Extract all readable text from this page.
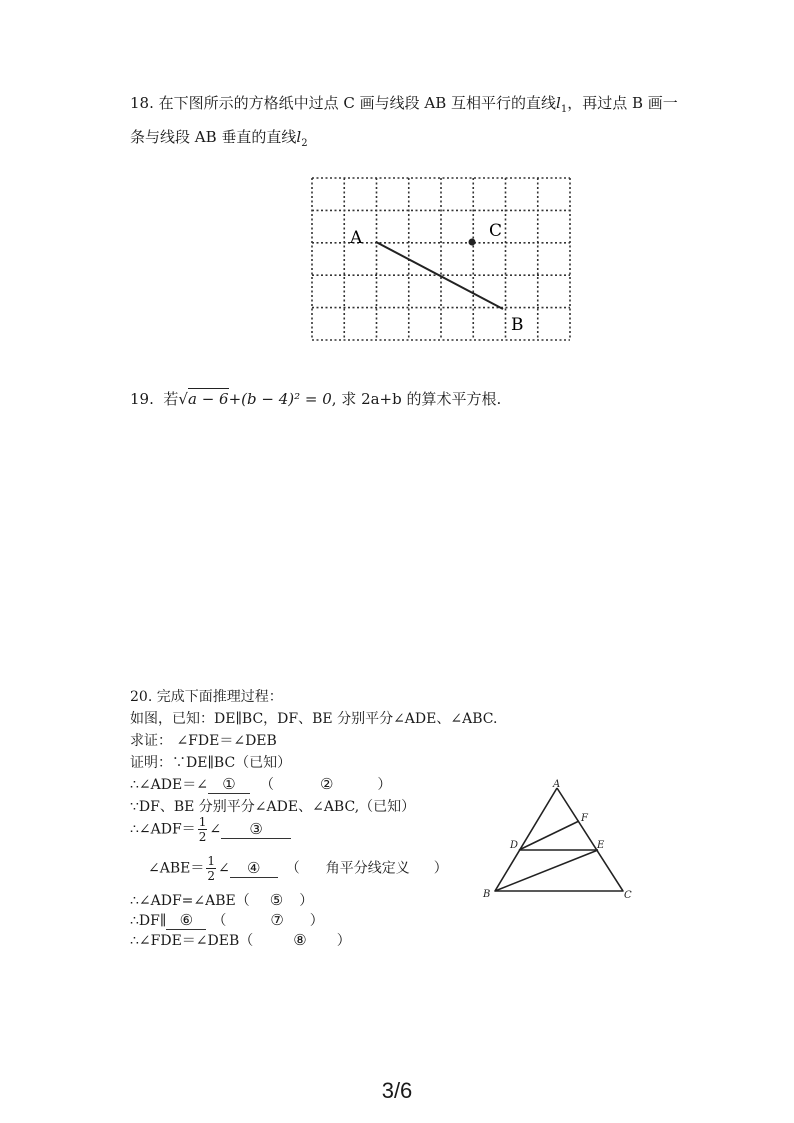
18. 在下图所示的方格纸中过点 C 画与线段 AB 互相平行的直线$l_1$，再过点 B 画一
条与线段 AB 垂直的直线$l_2$
A	C
B
19. 若√a − 6+(b − 4)² = 0, 求 2a+b 的算术平方根.
20. 完成下面推理过程：
如图，已知：DE∥BC，DF、BE 分别平分∠ADE、∠ABC.
求证： ∠FDE＝∠DEB
证明：∵DE∥BC（已知）
∴∠ADE＝∠ ① （	②	）
∵DF、BE 分别平分∠ADE、∠ABC,（已知）
∴∠ADF＝ $\frac{1}{2}$ ∠ ③
∠ABE＝ $\frac{1}{2}$ ∠ ④ （ 角平分线定义 ）
∴∠ADF=∠ABE（ ⑤ ）
∴DF∥ ⑥ （	⑦ ）
∴∠FDE＝∠DEB（	⑧ ）
A
F
D	E
B	C
3/6
